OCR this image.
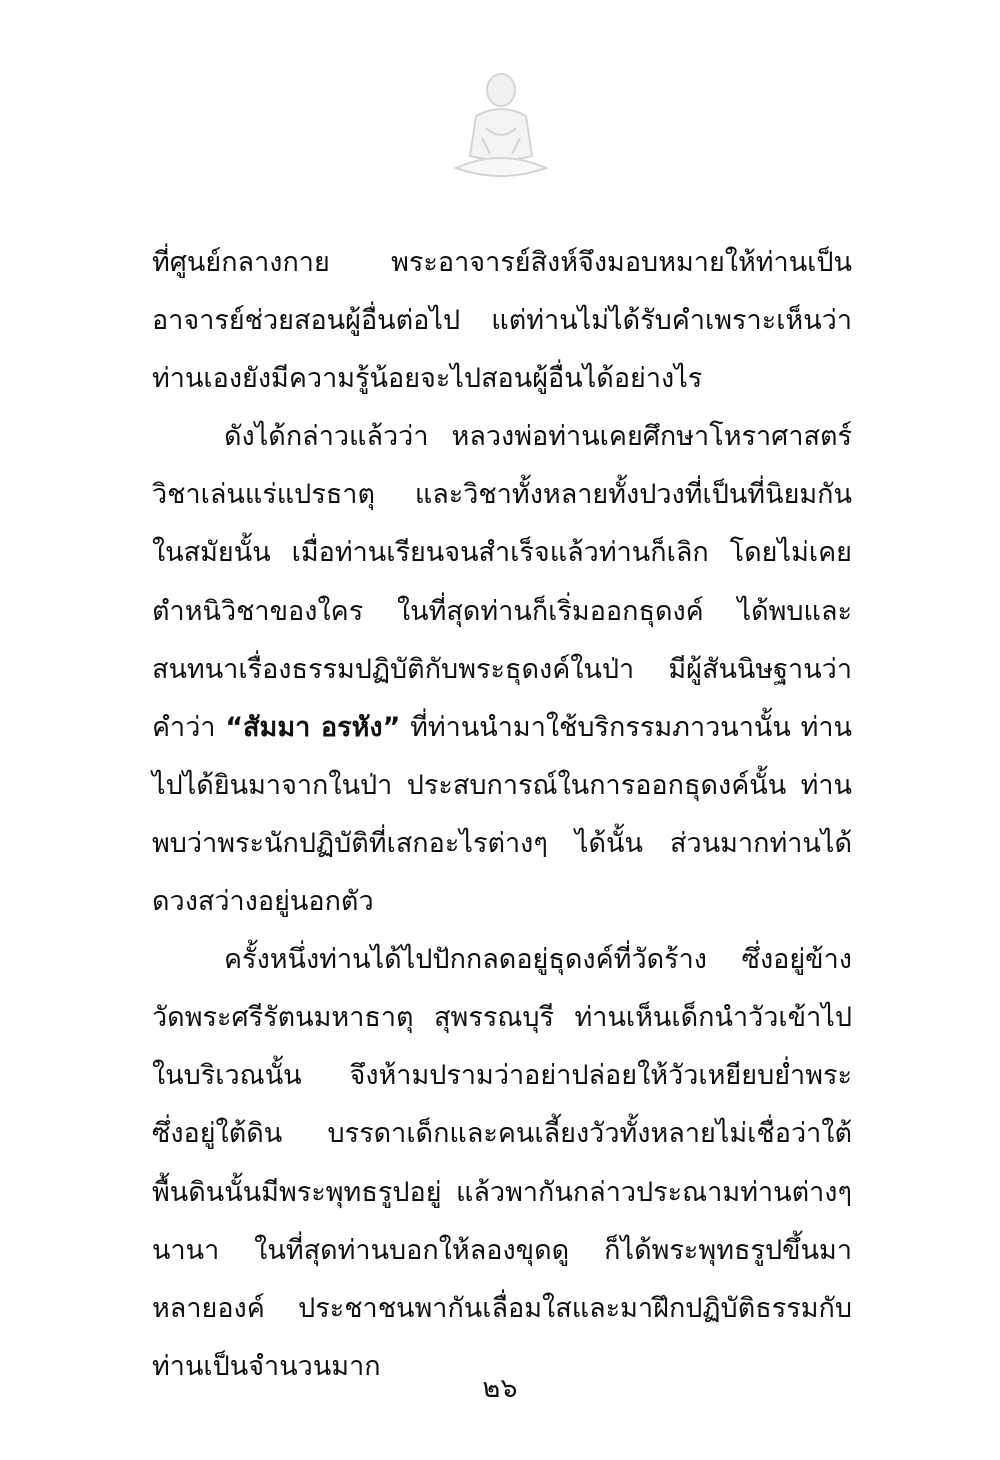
ที่ศูนย์กลางกาย พระอาจารย์สิงห์จึงมอบหมายให้ท่านเป็น
อาจารย์ช่วยสอนผู้อื่นต่อไป แต่ท่านไม่ได้รับคำเพราะเห็นว่า
ท่านเองยังมีความรู้น้อยจะไปสอนผู้อื่นได้อย่างไร
ดังได้กล่าวแล้วว่า หลวงพ่อท่านเคยศึกษาโหราศาสตร์
วิชาเล่นแร่แปรธาตุ และวิชาทั้งหลายทั้งปวงที่เป็นที่นิยมกัน
ในสมัยนั้น เมื่อท่านเรียนจนสำเร็จแล้วท่านก็เลิก โดยไม่เคย
ตำหนิวิชาของใคร ในที่สุดท่านก็เริ่มออกธุดงค์ ได้พบและ
สนทนาเรื่องธรรมปฏิบัติกับพระธุดงค์ในป่า มีผู้สันนิษฐานว่า
คำว่า “สัมมา อรหัง” ที่ท่านนำมาใช้บริกรรมภาวนานั้น ท่าน
ไปได้ยินมาจากในป่า ประสบการณ์ในการออกธุดงค์นั้น ท่าน
พบว่าพระนักปฏิบัติที่เสกอะไรต่างๆ ได้นั้น ส่วนมากท่านได้
ดวงสว่างอยู่นอกตัว
ครั้งหนึ่งท่านได้ไปปักกลดอยู่ธุดงค์ที่วัดร้าง ซึ่งอยู่ข้าง
วัดพระศรีรัตนมหาธาตุ สุพรรณบุรี ท่านเห็นเด็กนำวัวเข้าไป
ในบริเวณนั้น จึงห้ามปรามว่าอย่าปล่อยให้วัวเหยียบย่ำพระ
ซึ่งอยู่ใต้ดิน บรรดาเด็กและคนเลี้ยงวัวทั้งหลายไม่เชื่อว่าใต้
พื้นดินนั้นมีพระพุทธรูปอยู่ แล้วพากันกล่าวประณามท่านต่างๆ
นานา ในที่สุดท่านบอกให้ลองขุดดู ก็ได้พระพุทธรูปขึ้นมา
หลายองค์ ประชาชนพากันเลื่อมใสและมาฝึกปฏิบัติธรรมกับ
ท่านเป็นจำนวนมาก
๒๖
